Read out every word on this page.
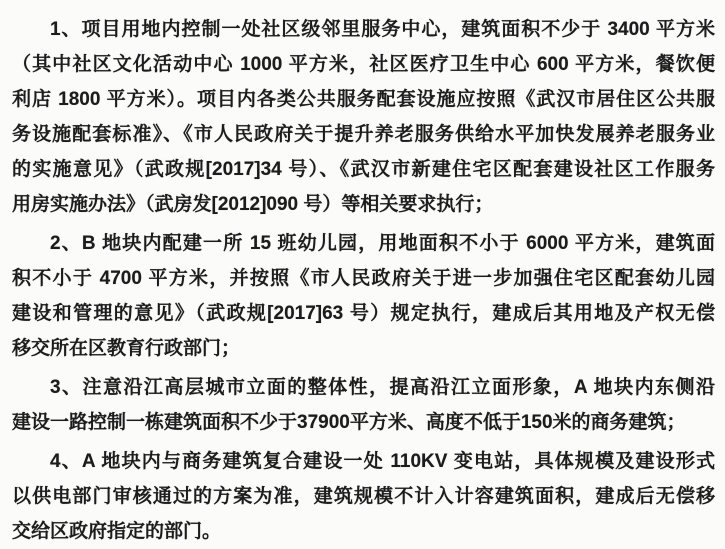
1、项目用地内控制一处社区级邻里服务中心，建筑面积不少于 3400 平方米
（其中社区文化活动中心 1000 平方米，社区医疗卫生中心 600 平方米，餐饮便
利店 1800 平方米）。项目内各类公共服务配套设施应按照《武汉市居住区公共服
务设施配套标准》、《市人民政府关于提升养老服务供给水平加快发展养老服务业
的实施意见》（武政规[2017]34 号）、《武汉市新建住宅区配套建设社区工作服务
用房实施办法》（武房发[2012]090 号）等相关要求执行；
2、B 地块内配建一所 15 班幼儿园，用地面积不小于 6000 平方米，建筑面
积不小于 4700 平方米，并按照《市人民政府关于进一步加强住宅区配套幼儿园
建设和管理的意见》（武政规[2017]63 号）规定执行，建成后其用地及产权无偿
移交所在区教育行政部门；
3、注意沿江高层城市立面的整体性，提高沿江立面形象，A 地块内东侧沿
建设一路控制一栋建筑面积不少于37900平方米、高度不低于150米的商务建筑；
4、A 地块内与商务建筑复合建设一处 110KV 变电站，具体规模及建设形式
以供电部门审核通过的方案为准，建筑规模不计入计容建筑面积，建成后无偿移
交给区政府指定的部门。
